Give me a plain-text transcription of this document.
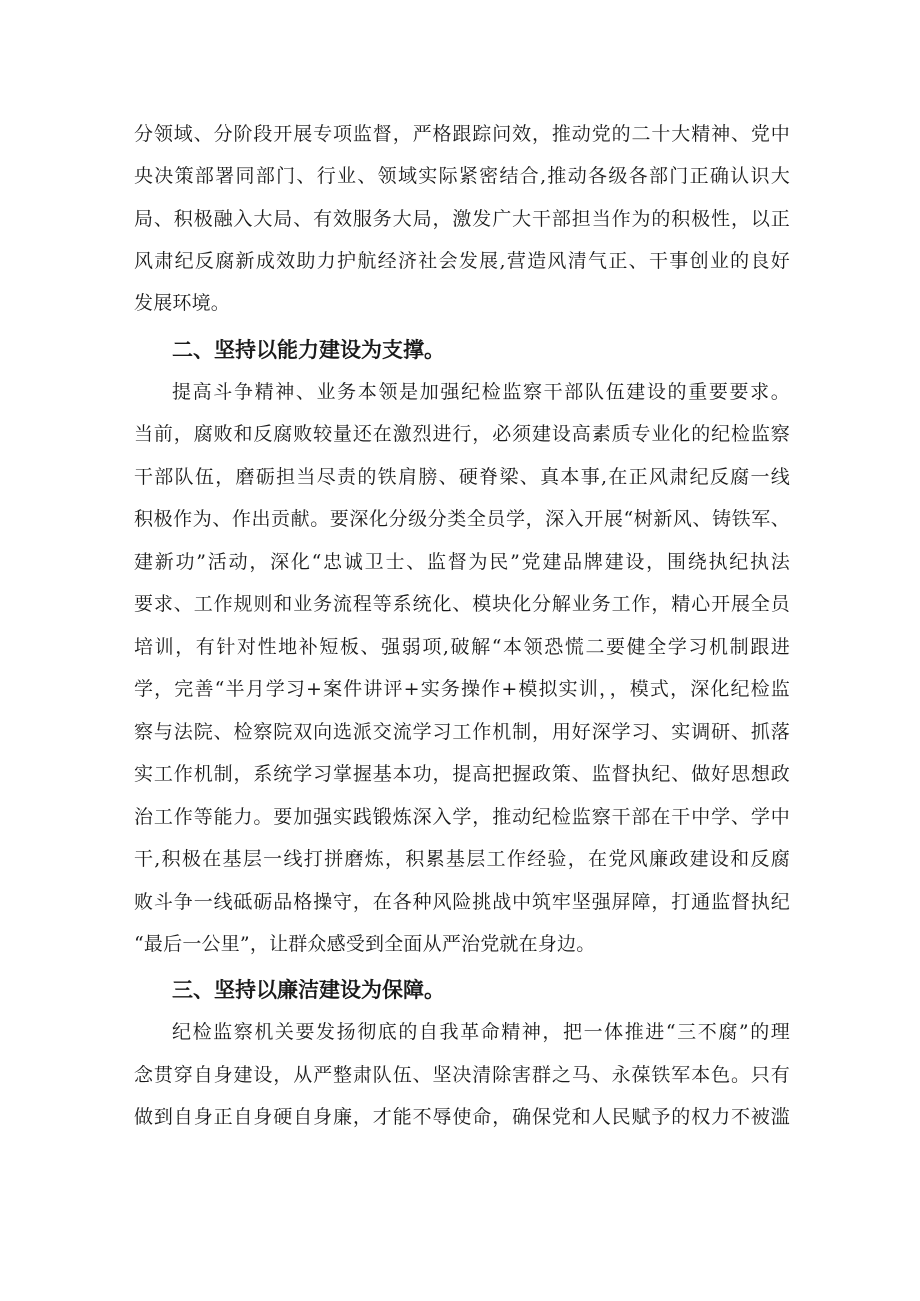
分领域、分阶段开展专项监督，严格跟踪问效，推动党的二十大精神、党中
央决策部署同部门、行业、领域实际紧密结合,推动各级各部门正确认识大
局、积极融入大局、有效服务大局，激发广大干部担当作为的积极性，以正
风肃纪反腐新成效助力护航经济社会发展,营造风清气正、干事创业的良好
发展环境。
二、坚持以能力建设为支撑。
提高斗争精神、业务本领是加强纪检监察干部队伍建设的重要要求。
当前，腐败和反腐败较量还在激烈进行，必须建设高素质专业化的纪检监察
干部队伍，磨砺担当尽责的铁肩膀、硬脊梁、真本事,在正风肃纪反腐一线
积极作为、作出贡献。要深化分级分类全员学，深入开展“树新风、铸铁军、
建新功”活动，深化“忠诚卫士、监督为民”党建品牌建设，围绕执纪执法
要求、工作规则和业务流程等系统化、模块化分解业务工作，精心开展全员
培训，有针对性地补短板、强弱项,破解“本领恐慌二要健全学习机制跟进
学，完善“半月学习+案件讲评+实务操作+模拟实训，，模式，深化纪检监
察与法院、检察院双向选派交流学习工作机制，用好深学习、实调研、抓落
实工作机制，系统学习掌握基本功，提高把握政策、监督执纪、做好思想政
治工作等能力。要加强实践锻炼深入学，推动纪检监察干部在干中学、学中
干,积极在基层一线打拼磨炼，积累基层工作经验，在党风廉政建设和反腐
败斗争一线砥砺品格操守，在各种风险挑战中筑牢坚强屏障，打通监督执纪
“最后一公里”，让群众感受到全面从严治党就在身边。
三、坚持以廉洁建设为保障。
纪检监察机关要发扬彻底的自我革命精神，把一体推进“三不腐”的理
念贯穿自身建设，从严整肃队伍、坚决清除害群之马、永葆铁军本色。只有
做到自身正自身硬自身廉，才能不辱使命，确保党和人民赋予的权力不被滥
